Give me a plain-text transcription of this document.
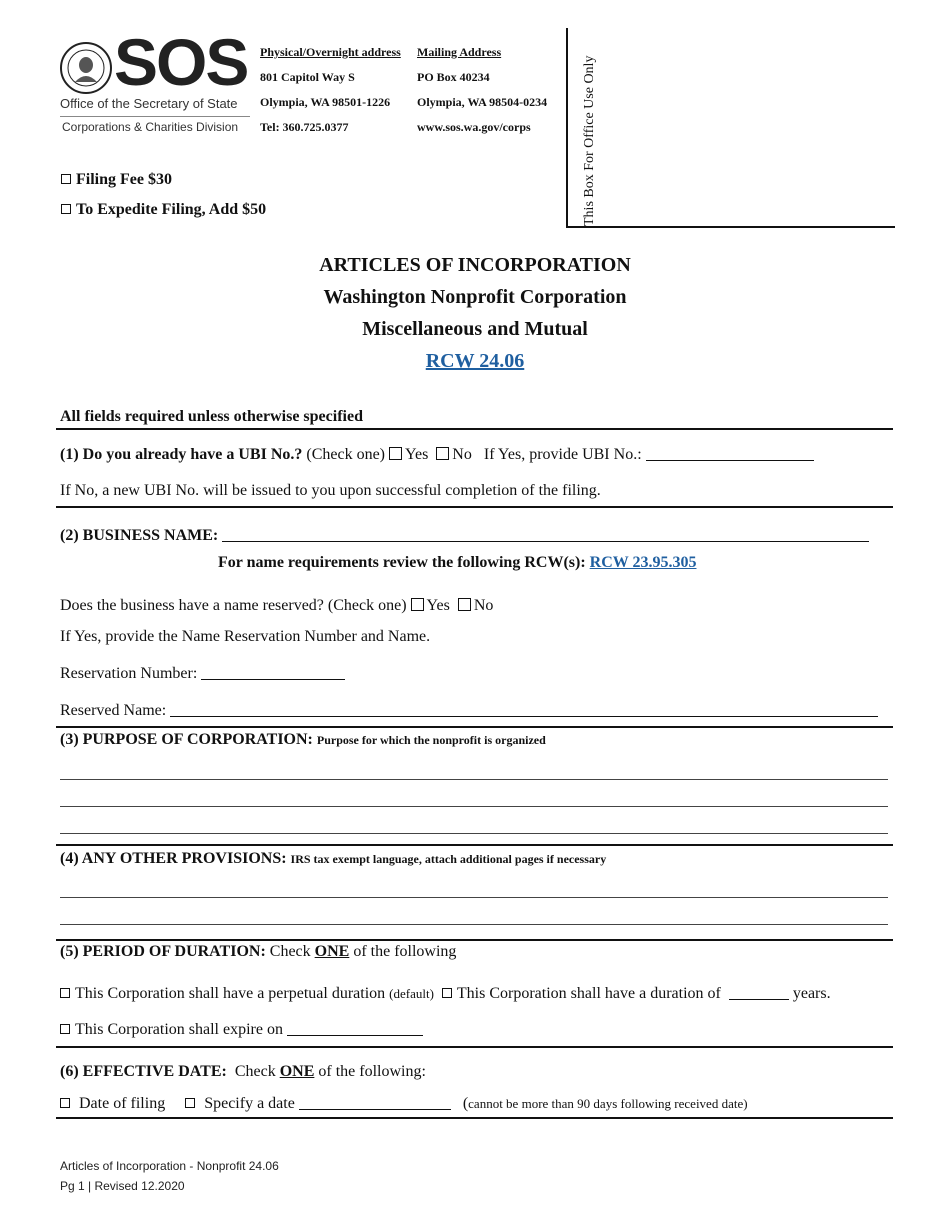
SOS
Office of the Secretary of State
Corporations & Charities Division
Physical/Overnight address
801 Capitol Way S
Olympia, WA 98501-1226
Tel: 360.725.0377
Mailing Address
PO Box 40234
Olympia, WA 98504-0234
www.sos.wa.gov/corps	This Box For Office Use Only
Filing Fee $30
To Expedite Filing, Add $50
ARTICLES OF INCORPORATION
Washington Nonprofit Corporation
Miscellaneous and Mutual
RCW 24.06
All fields required unless otherwise specified
(1) Do you already have a UBI No.? (Check one) Yes No If Yes, provide UBI No.:
If No, a new UBI No. will be issued to you upon successful completion of the filing.
(2) BUSINESS NAME:
For name requirements review the following RCW(s): RCW 23.95.305
Does the business have a name reserved? (Check one) Yes No
If Yes, provide the Name Reservation Number and Name.
Reservation Number:
Reserved Name:
(3) PURPOSE OF CORPORATION: Purpose for which the nonprofit is organized
(4) ANY OTHER PROVISIONS: IRS tax exempt language, attach additional pages if necessary
(5) PERIOD OF DURATION: Check ONE of the following
This Corporation shall have a perpetual duration (default) This Corporation shall have a duration of	years.
This Corporation shall expire on
(6) EFFECTIVE DATE: Check ONE of the following:
Date of filing Specify a date	(cannot be more than 90 days following received date)
Articles of Incorporation - Nonprofit 24.06
Pg 1 | Revised 12.2020
